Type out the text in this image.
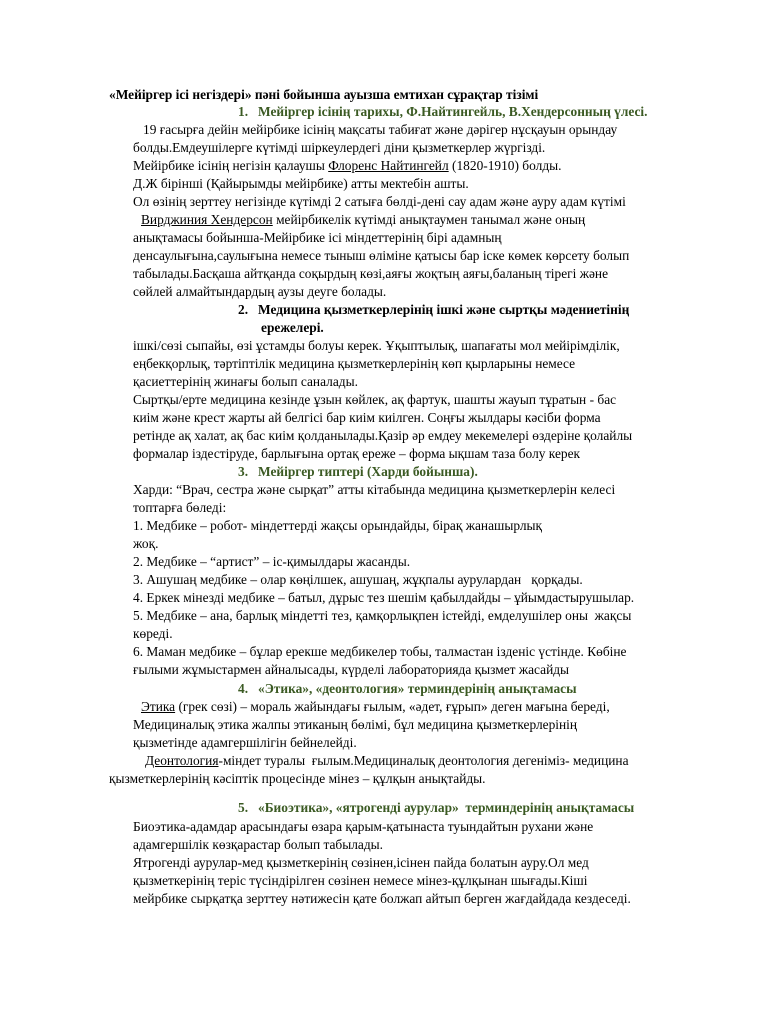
«Мейіргер ісі негіздері» пәні бойынша ауызша емтихан сұрақтар тізімі
1. Мейіргер ісінің тарихы, Ф.Найтингейль, В.Хендерсонның үлесі.
19 ғасырға дейін мейірбике ісінің мақсаты табиғат және дәрігер нұсқауын орындау
болды.Емдеушілерге күтімді шіркеулердегі діни қызметкерлер жүргізді.
Мейірбике ісінің негізін қалаушы Флоренс Найтингейл (1820-1910) болды.
Д.Ж бірінші (Қайырымды мейірбике) атты мектебін ашты.
Ол өзінің зерттеу негізінде күтімді 2 сатыға бөлді-дені сау адам және ауру адам күтімі
Вирджиния Хендерсон мейірбикелік күтімді анықтаумен танымал және оның
анықтамасы бойынша-Мейірбике ісі міндеттерінің бірі адамның
денсаулығына,саулығына немесе тыныш өліміне қатысы бар іске көмек көрсету болып
табылады.Басқаша айтқанда соқырдың көзі,аяғы жоқтың аяғы,баланың тірегі және
сөйлей алмайтындардың аузы деуге болады.
2. Медицина қызметкерлерінің ішкі және сыртқы мәдениетінің
ережелері.
ішкі/сөзі сыпайы, өзі ұстамды болуы керек. Ұқыптылық, шапағаты мол мейірімділік,
еңбекқорлық, тәртіптілік медицина қызметкерлерінің көп қырларыны немесе
қасиеттерінің жинағы болып саналады.
Сыртқы/ерте медицина кезінде ұзын көйлек, ақ фартук, шашты жауып тұратын - бас
киім және крест жарты ай белгісі бар киім киілген. Соңғы жылдары кәсіби форма
ретінде ақ халат, ақ бас киім қолданылады.Қазір әр емдеу мекемелері өздеріне қолайлы
формалар іздестіруде, барлығына ортақ ереже – форма ықшам таза болу керек
3. Мейіргер типтері (Харди бойынша).
Харди: “Врач, сестра және сырқат” атты кітабында медицина қызметкерлерін келесі
топтарға бөледі:
1. Медбике – робот- міндеттерді жақсы орындайды, бірақ жанашырлық
жоқ.
2. Медбике – “артист” – іс-қимылдары жасанды.
3. Ашушаң медбике – олар көңілшек, ашушаң, жұқпалы аурулардан   қорқады.
4. Еркек мінезді медбике – батыл, дұрыс тез шешім қабылдайды – ұйымдастырушылар.
5. Медбике – ана, барлық міндетті тез, қамқорлықпен істейді, емделушілер оны  жақсы
көреді.
6. Маман медбике – бұлар ерекше медбикелер тобы, талмастан ізденіс үстінде. Көбіне
ғылыми жұмыстармен айналысады, күрделі лабораторияда қызмет жасайды
4. «Этика», «деонтология» терминдерінің анықтамасы
Этика (грек сөзі) – мораль жайындағы ғылым, «әдет, ғұрып» деген мағына береді,
Медициналық этика жалпы этиканың бөлімі, бұл медицина қызметкерлерінің
қызметінде адамгершілігін бейнелейді.
Деонтология-міндет туралы  ғылым.Медициналық деонтология дегеніміз- медицина
қызметкерлерінің кәсіптік процесінде мінез – құлқын анықтайды.
5. «Биоэтика», «ятрогенді аурулар»  терминдерінің анықтамасы
Биоэтика-адамдар арасындағы өзара қарым-қатынаста туындайтын рухани және
адамгершілік көзқарастар болып табылады.
Ятрогенді аурулар-мед қызметкерінің сөзінен,ісінен пайда болатын ауру.Ол мед
қызметкерінің теріс түсіндірілген сөзінен немесе мінез-құлқынан шығады.Кіші
мейрбике сырқатқа зерттеу нәтижесін қате болжап айтып берген жағдайдада кездеседі.
